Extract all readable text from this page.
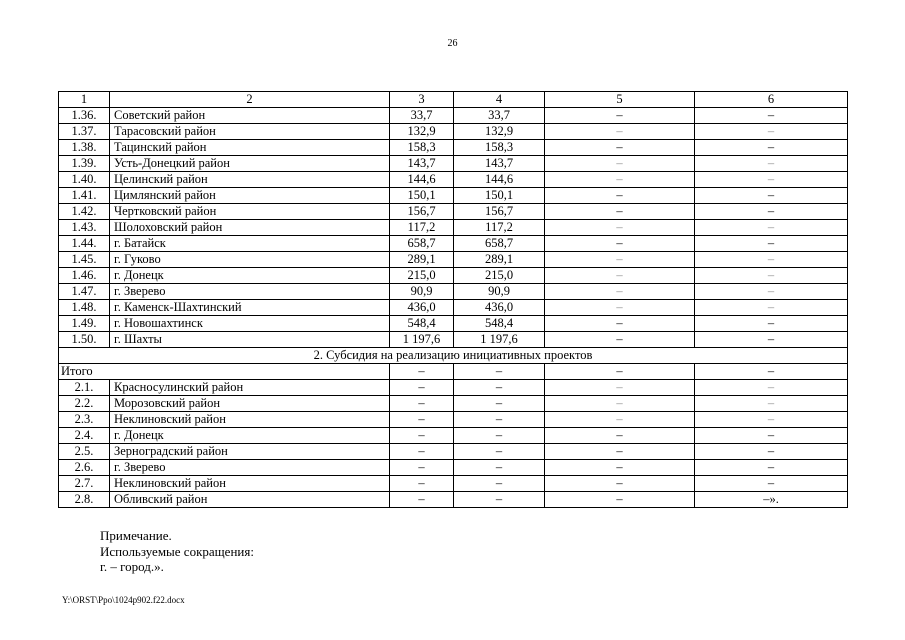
26
1	2	3	4	5	6
1.36.	Советский район	33,7	33,7	–	–
1.37.	Тарасовский район	132,9	132,9	–	–
1.38.	Тацинский район	158,3	158,3	–	–
1.39.	Усть-Донецкий район	143,7	143,7	–	–
1.40.	Целинский район	144,6	144,6	–	–
1.41.	Цимлянский район	150,1	150,1	–	–
1.42.	Чертковский район	156,7	156,7	–	–
1.43.	Шолоховский район	117,2	117,2	–	–
1.44.	г. Батайск	658,7	658,7	–	–
1.45.	г. Гуково	289,1	289,1	–	–
1.46.	г. Донецк	215,0	215,0	–	–
1.47.	г. Зверево	90,9	90,9	–	–
1.48.	г. Каменск-Шахтинский	436,0	436,0	–	–
1.49.	г. Новошахтинск	548,4	548,4	–	–
1.50.	г. Шахты	1 197,6	1 197,6	–	–
2. Субсидия на реализацию инициативных проектов					
Итого		–	–	–	–
2.1.	Красносулинский район	–	–	–	–
2.2.	Морозовский район	–	–	–	–
2.3.	Неклиновский район	–	–	–	–
2.4.	г. Донецк	–	–	–	–
2.5.	Зерноградский район	–	–	–	–
2.6.	г. Зверево	–	–	–	–
2.7.	Неклиновский район	–	–	–	–
2.8.	Обливский район	–	–	–	–».
Примечание.
Используемые сокращения:
г. – город.».
Y:\ORST\Ppo\1024p902.f22.docx
